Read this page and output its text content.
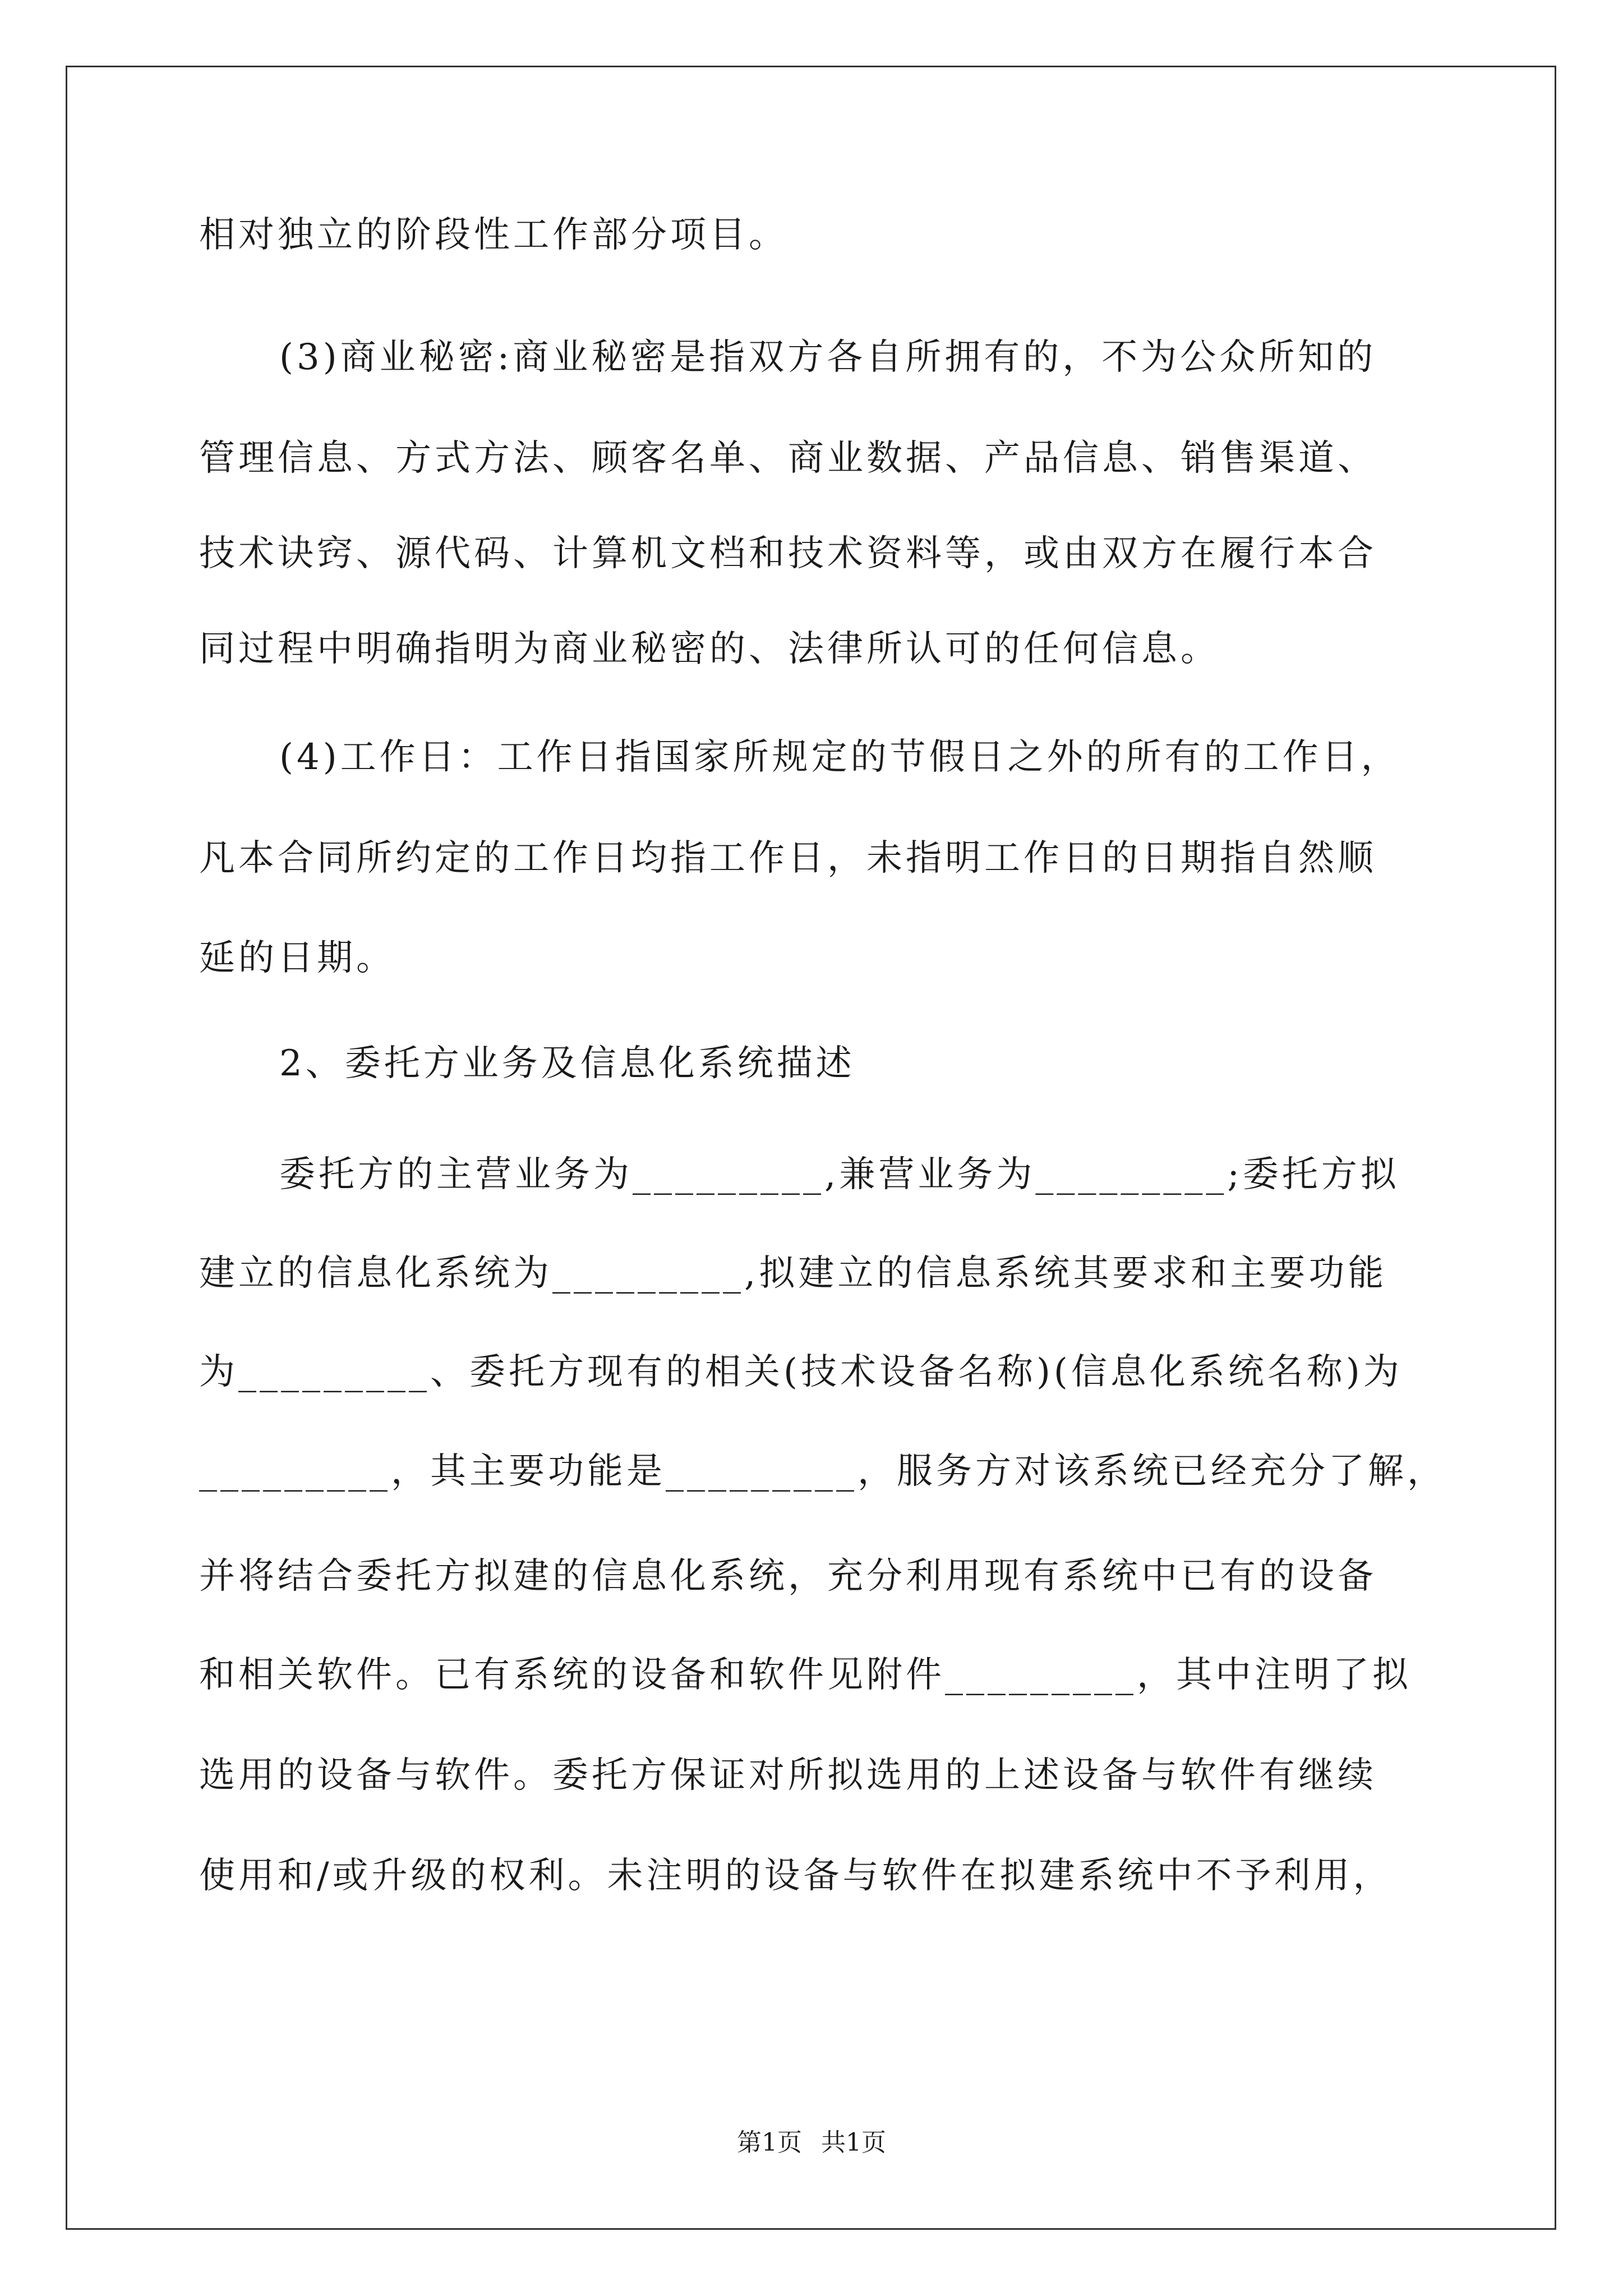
相对独立的阶段性工作部分项目。
(3)商业秘密:商业秘密是指双方各自所拥有的，不为公众所知的
管理信息、方式方法、顾客名单、商业数据、产品信息、销售渠道、
技术诀窍、源代码、计算机文档和技术资料等，或由双方在履行本合
同过程中明确指明为商业秘密的、法律所认可的任何信息。
(4)工作日：工作日指国家所规定的节假日之外的所有的工作日，
凡本合同所约定的工作日均指工作日，未指明工作日的日期指自然顺
延的日期。
2、委托方业务及信息化系统描述
委托方的主营业务为_________,兼营业务为_________;委托方拟
建立的信息化系统为_________,拟建立的信息系统其要求和主要功能
为_________、委托方现有的相关(技术设备名称)(信息化系统名称)为
_________，其主要功能是_________，服务方对该系统已经充分了解，
并将结合委托方拟建的信息化系统，充分利用现有系统中已有的设备
和相关软件。已有系统的设备和软件见附件_________，其中注明了拟
选用的设备与软件。委托方保证对所拟选用的上述设备与软件有继续
使用和/或升级的权利。未注明的设备与软件在拟建系统中不予利用，
第1页 共1页
